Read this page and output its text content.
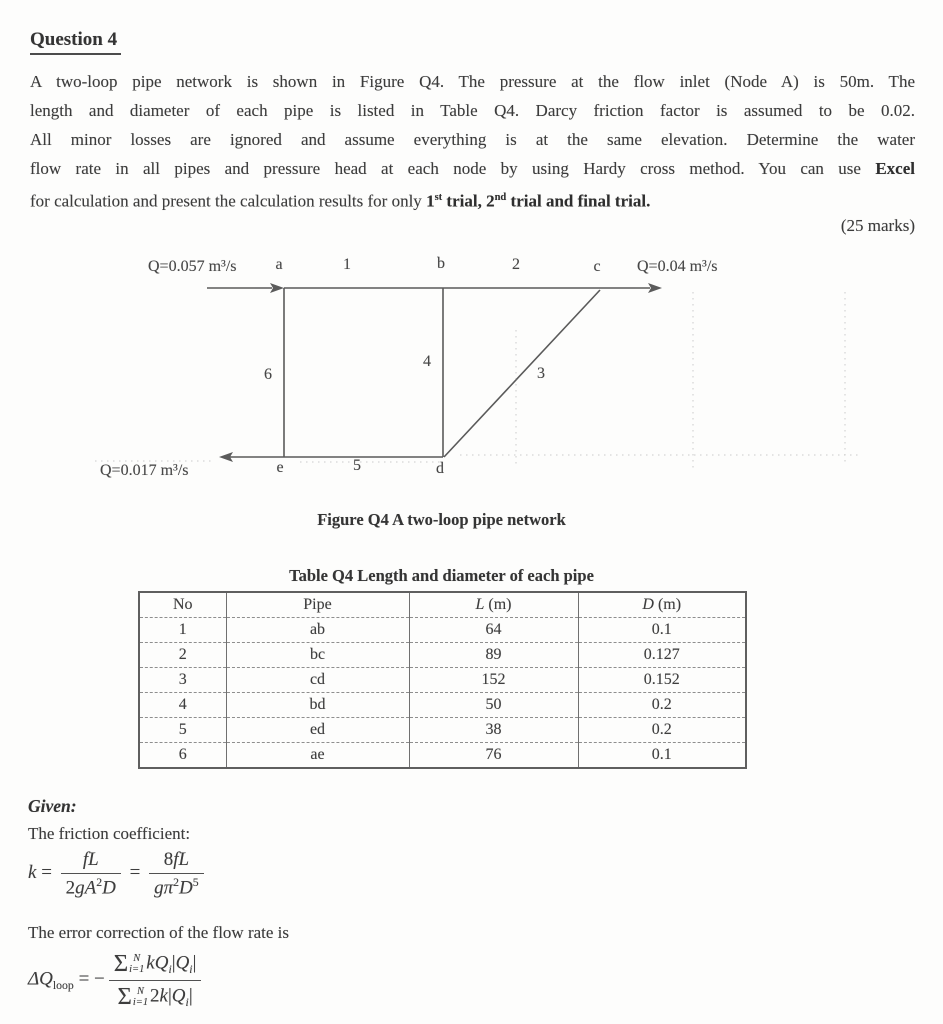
Question 4
A two-loop pipe network is shown in Figure Q4. The pressure at the flow inlet (Node A) is 50m. The
length and diameter of each pipe is listed in Table Q4. Darcy friction factor is assumed to be 0.02.
All minor losses are ignored and assume everything is at the same elevation. Determine the water
flow rate in all pipes and pressure head at each node by using Hardy cross method. You can use Excel
for calculation and present the calculation results for only 1st trial, 2nd trial and final trial.
(25 marks)
Q=0.057 m³/s	Q=0.04 m³/s
Q=0.017 m³/s
a	b	c
d
e
1	2
3
4
5
6
Figure Q4 A two-loop pipe network
Table Q4 Length and diameter of each pipe
No	Pipe	L (m)	D (m)
1	ab	64	0.1
2	bc	89	0.127
3	cd	152	0.152
4	bd	50	0.2
5	ed	38	0.2
6	ae	76	0.1
Given:
The friction coefficient:
$k = \frac{fL}{2gA^2D} = \frac{8fL}{g\pi^2D^5}$
The error correction of the flow rate is
$\Delta Q_{loop}$ = − Σ N
i=1 $kQ_i|Q_i|$
Σ N
i=1 $2k|Q_i|$
